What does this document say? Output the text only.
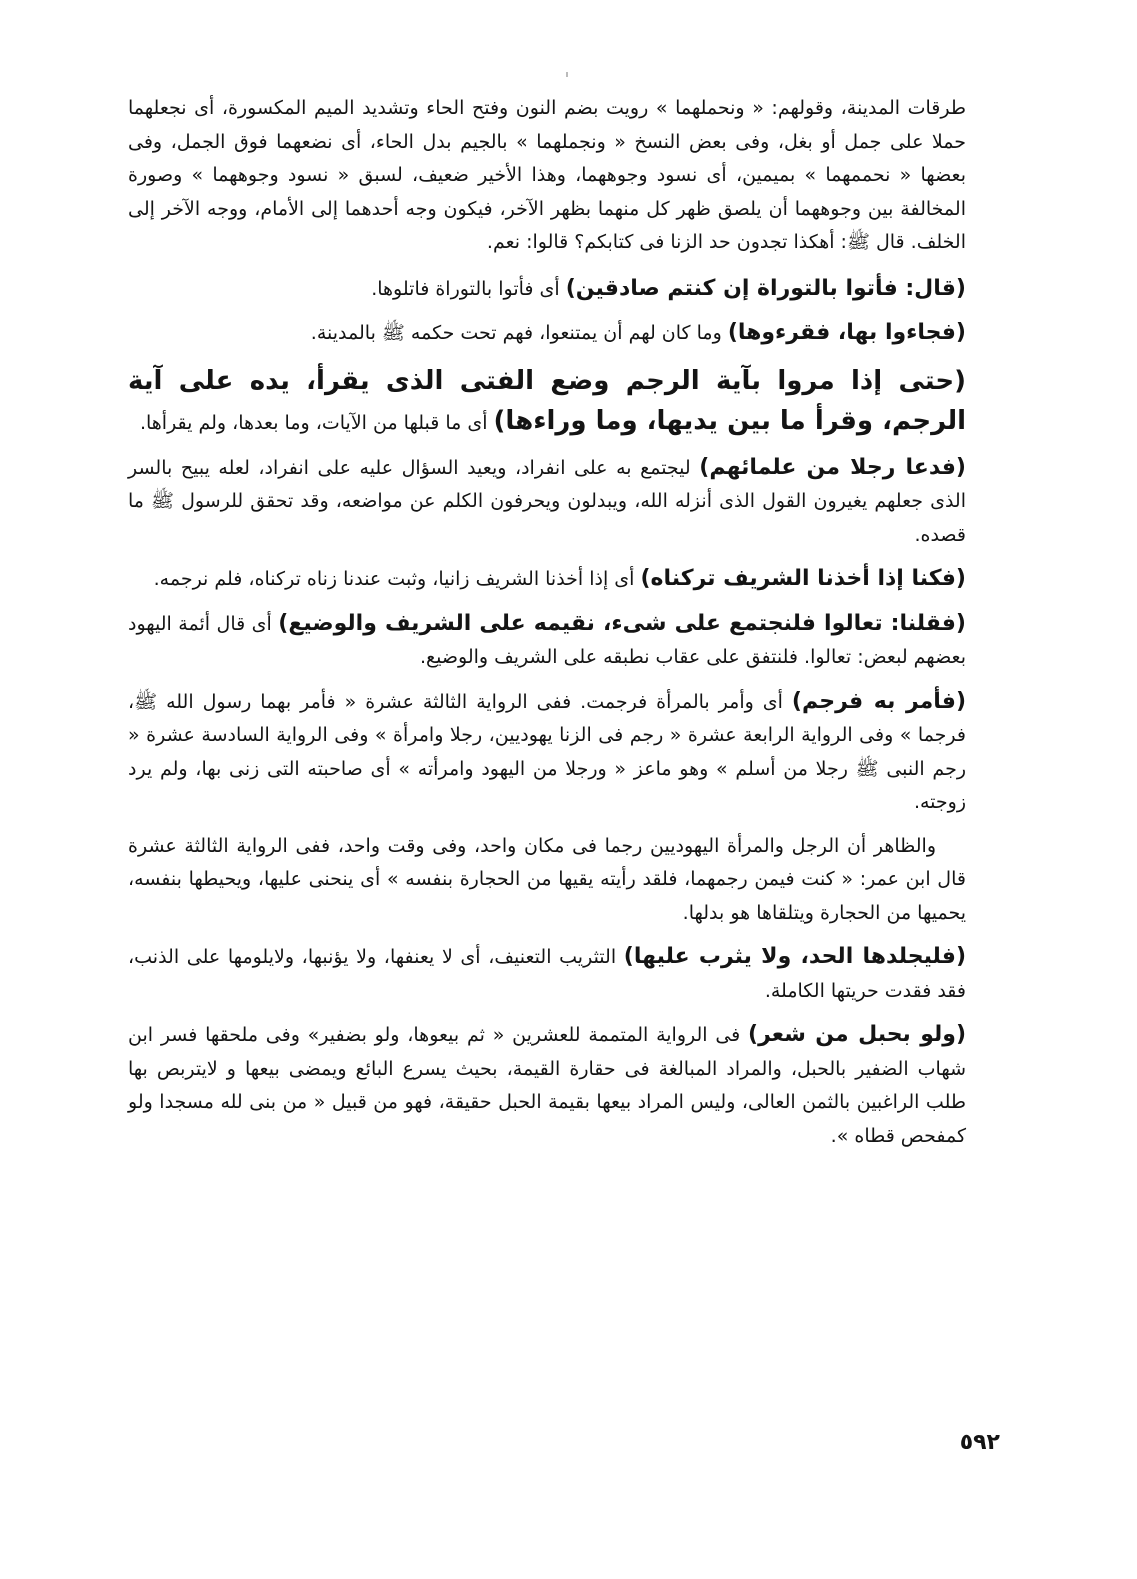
طرقات المدينة، وقولهم: « ونحملهما » رويت بضم النون وفتح الحاء وتشديد الميم المكسورة، أى نجعلهما حملا على جمل أو بغل، وفى بعض النسخ « ونجملهما » بالجيم بدل الحاء، أى نضعهما فوق الجمل، وفى بعضها « نحممهما » بميمين، أى نسود وجوههما، وهذا الأخير ضعيف، لسبق « نسود وجوههما » وصورة المخالفة بين وجوههما أن يلصق ظهر كل منهما بظهر الآخر، فيكون وجه أحدهما إلى الأمام، ووجه الآخر إلى الخلف. قال ﷺ: أهكذا تجدون حد الزنا فى كتابكم؟ قالوا: نعم.

(قال: فأتوا بالتوراة إن كنتم صادقين) أى فأتوا بالتوراة فاتلوها.

(فجاءوا بها، فقرءوها) وما كان لهم أن يمتنعوا، فهم تحت حكمه ﷺ بالمدينة.

(حتى إذا مروا بآية الرجم وضع الفتى الذى يقرأ، يده على آية الرجم، وقرأ ما بين يديها، وما وراءها) أى ما قبلها من الآيات، وما بعدها، ولم يقرأها.

(فدعا رجلا من علمائهم) ليجتمع به على انفراد، ويعيد السؤال عليه على انفراد، لعله يبيح بالسر الذى جعلهم يغيرون القول الذى أنزله الله، ويبدلون ويحرفون الكلم عن مواضعه، وقد تحقق للرسول ﷺ ما قصده.

(فكنا إذا أخذنا الشريف تركناه) أى إذا أخذنا الشريف زانيا، وثبت عندنا زناه تركناه، فلم نرجمه.

(فقلنا: تعالوا فلنجتمع على شىء، نقيمه على الشريف والوضيع) أى قال أئمة اليهود بعضهم لبعض: تعالوا. فلنتفق على عقاب نطبقه على الشريف والوضيع.

(فأمر به فرجم) أى وأمر بالمرأة فرجمت. ففى الرواية الثالثة عشرة « فأمر بهما رسول الله ﷺ، فرجما » وفى الرواية الرابعة عشرة « رجم فى الزنا يهوديين، رجلا وامرأة » وفى الرواية السادسة عشرة « رجم النبى ﷺ رجلا من أسلم » وهو ماعز « ورجلا من اليهود وامرأته » أى صاحبته التى زنى بها، ولم يرد زوجته.

والظاهر أن الرجل والمرأة اليهوديين رجما فى مكان واحد، وفى وقت واحد، ففى الرواية الثالثة عشرة قال ابن عمر: « كنت فيمن رجمهما، فلقد رأيته يقيها من الحجارة بنفسه » أى ينحنى عليها، ويحيطها بنفسه، يحميها من الحجارة ويتلقاها هو بدلها.

(فليجلدها الحد، ولا يثرب عليها) التثريب التعنيف، أى لا يعنفها، ولا يؤنبها، ولايلومها على الذنب، فقد فقدت حريتها الكاملة.

(ولو بحبل من شعر) فى الرواية المتممة للعشرين « ثم بيعوها، ولو بضفير» وفى ملحقها فسر ابن شهاب الضفير بالحبل، والمراد المبالغة فى حقارة القيمة، بحيث يسرع البائع ويمضى بيعها و لايتربص بها طلب الراغبين بالثمن العالى، وليس المراد بيعها بقيمة الحبل حقيقة، فهو من قبيل « من بنى لله مسجدا ولو كمفحص قطاه ».

٥٩٢
